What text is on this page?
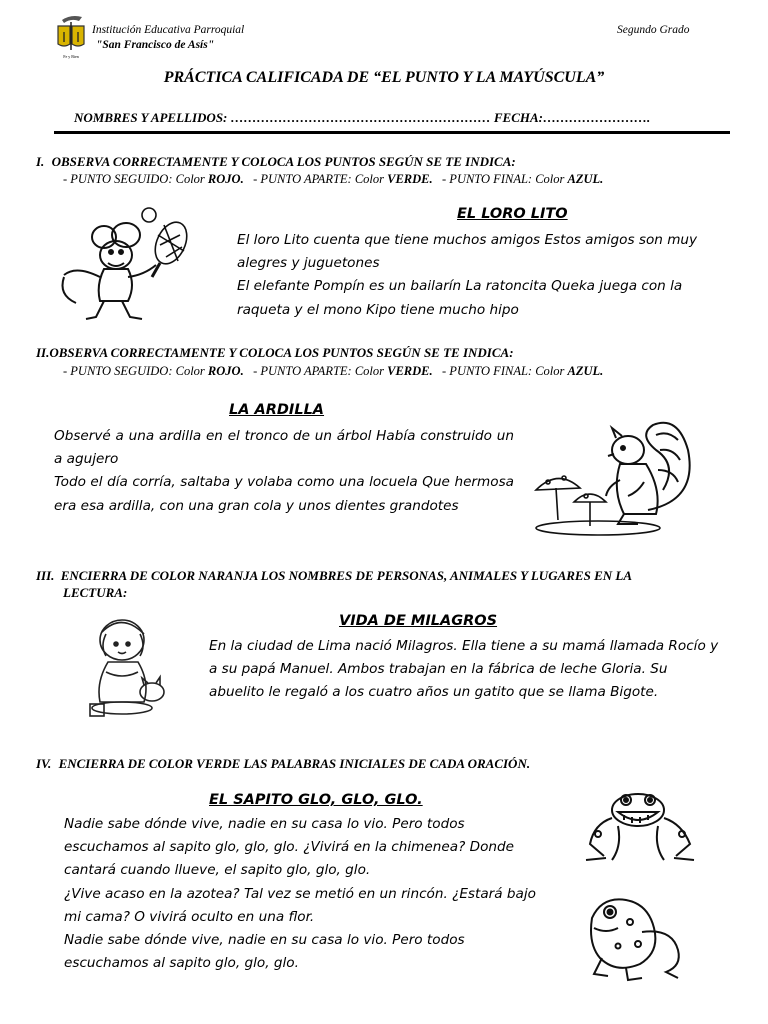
Fe y Bien
Institución Educativa Parroquial
"San Francisco de Asís"
Segundo Grado
PRÁCTICA CALIFICADA DE “EL PUNTO Y LA MAYÚSCULA”
NOMBRES Y APELLIDOS: …………………………………………………… FECHA:…………………….
I. OBSERVA CORRECTAMENTE Y COLOCA LOS PUNTOS SEGÚN SE TE INDICA:
- PUNTO SEGUIDO: Color ROJO. - PUNTO APARTE: Color VERDE. - PUNTO FINAL: Color AZUL.
EL LORO LITO

El loro Lito cuenta que tiene muchos amigos Estos amigos son muy alegres y juguetones

El elefante Pompín es un bailarín La ratoncita Queka juega con la raqueta y el mono Kipo tiene mucho hipo

II.OBSERVA CORRECTAMENTE Y COLOCA LOS PUNTOS SEGÚN SE TE INDICA:
- PUNTO SEGUIDO: Color ROJO. - PUNTO APARTE: Color VERDE. - PUNTO FINAL: Color AZUL.
LA ARDILLA

Observé a una ardilla en el tronco de un árbol Había construido un a agujero

Todo el día corría, saltaba y volaba como una locuela Que hermosa era esa ardilla, con una gran cola y unos dientes grandotes

III. ENCIERRA DE COLOR NARANJA LOS NOMBRES DE PERSONAS, ANIMALES Y LUGARES EN LA
LECTURA:
VIDA DE MILAGROS

En la ciudad de Lima nació Milagros. Ella tiene a su mamá llamada Rocío y a su papá Manuel. Ambos trabajan en la fábrica de leche Gloria. Su abuelito le regaló a los cuatro años un gatito que se llama Bigote.

IV. ENCIERRA DE COLOR VERDE LAS PALABRAS INICIALES DE CADA ORACIÓN.
EL SAPITO GLO, GLO, GLO.

Nadie sabe dónde vive, nadie en su casa lo vio. Pero todos

escuchamos al sapito glo, glo, glo. ¿Vivirá en la chimenea? Donde

cantará cuando llueve, el sapito glo, glo, glo.

¿Vive acaso en la azotea? Tal vez se metió en un rincón. ¿Estará bajo

mi cama? O vivirá oculto en una flor.

Nadie sabe dónde vive, nadie en su casa lo vio. Pero todos

escuchamos al sapito glo, glo, glo.
